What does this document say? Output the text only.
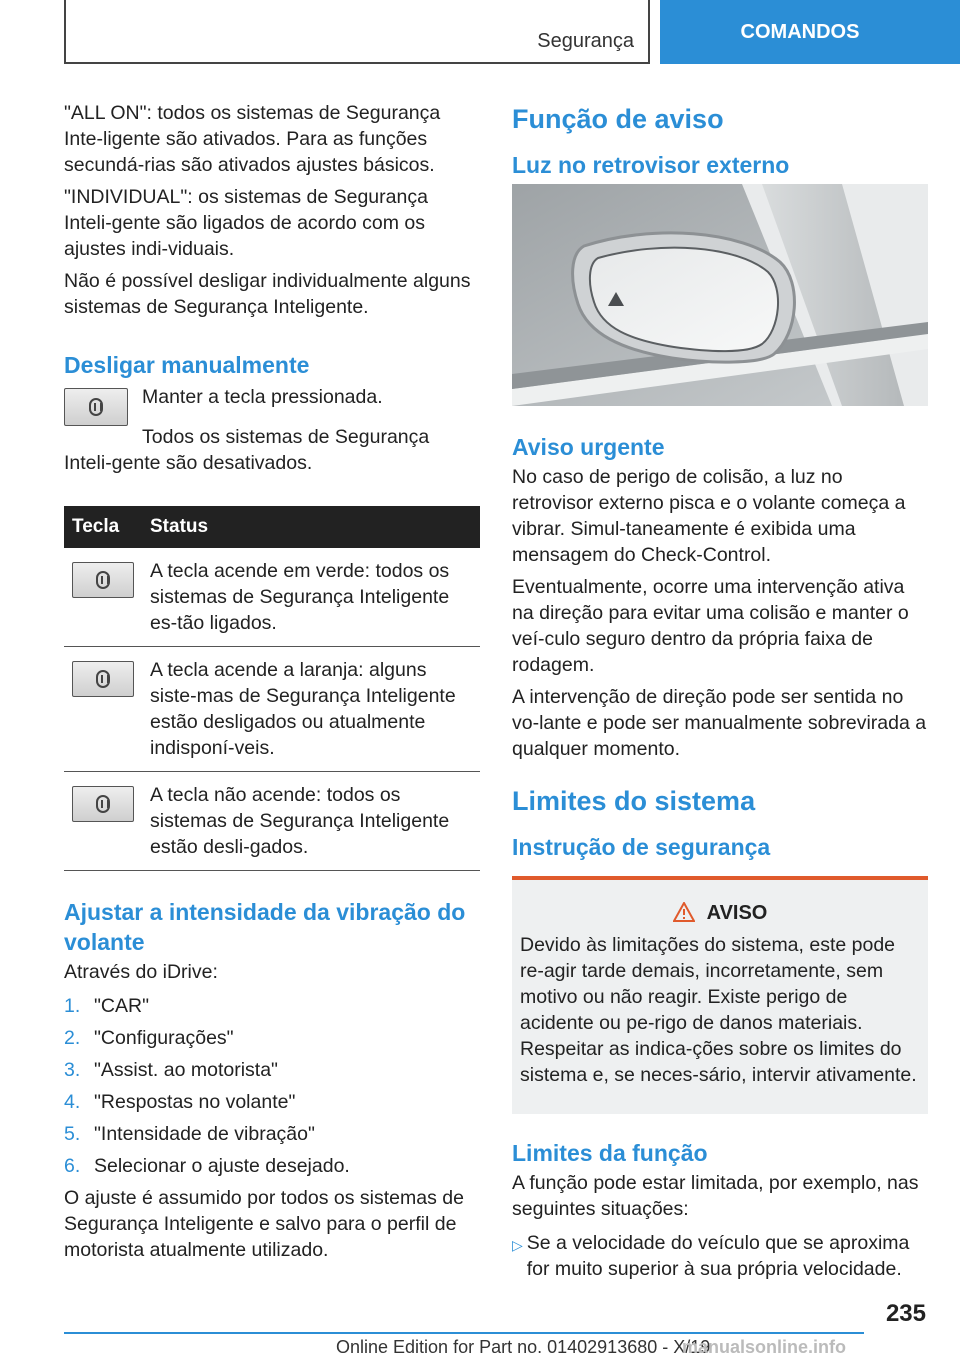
Segurança	COMANDOS

"ALL ON": todos os sistemas de Segurança Inte-ligente são ativados. Para as funções secundá-rias são ativados ajustes básicos.

"INDIVIDUAL": os sistemas de Segurança Inteli-gente são ligados de acordo com os ajustes indi-viduais.

Não é possível desligar individualmente alguns sistemas de Segurança Inteligente.

Desligar manualmente

Manter a tecla pressionada.

Todos os sistemas de Segurança Inteli-gente são desativados.

Tecla	Status

	A tecla acende em verde: todos os sistemas de Segurança Inteligente es-tão ligados.

	A tecla acende a laranja: alguns siste-mas de Segurança Inteligente estão desligados ou atualmente indisponí-veis.

	A tecla não acende: todos os sistemas de Segurança Inteligente estão desli-gados.
Ajustar a intensidade da vibração do volante

Através do iDrive:

1. "CAR"
2. "Configurações"
3. "Assist. ao motorista"
4. "Respostas no volante"
5. "Intensidade de vibração"
6. Selecionar o ajuste desejado.

O ajuste é assumido por todos os sistemas de Segurança Inteligente e salvo para o perfil de motorista atualmente utilizado.

Função de aviso
Luz no retrovisor externo
Aviso urgente

No caso de perigo de colisão, a luz no retrovisor externo pisca e o volante começa a vibrar. Simul-taneamente é exibida uma mensagem do Check-Control.

Eventualmente, ocorre uma intervenção ativa na direção para evitar uma colisão e manter o veí-culo seguro dentro da própria faixa de rodagem.

A intervenção de direção pode ser sentida no vo-lante e pode ser manualmente sobrevirada a qualquer momento.

Limites do sistema
Instrução de segurança
AVISO

Devido às limitações do sistema, este pode re-agir tarde demais, incorretamente, sem motivo ou não reagir. Existe perigo de acidente ou pe-rigo de danos materiais. Respeitar as indica-ções sobre os limites do sistema e, se neces-sário, intervir ativamente.

Limites da função

A função pode estar limitada, por exemplo, nas seguintes situações:

▷ Se a velocidade do veículo que se aproxima for muito superior à sua própria velocidade.
235
Online Edition for Part no. 01402913680 - X/19
manualsonline.info
